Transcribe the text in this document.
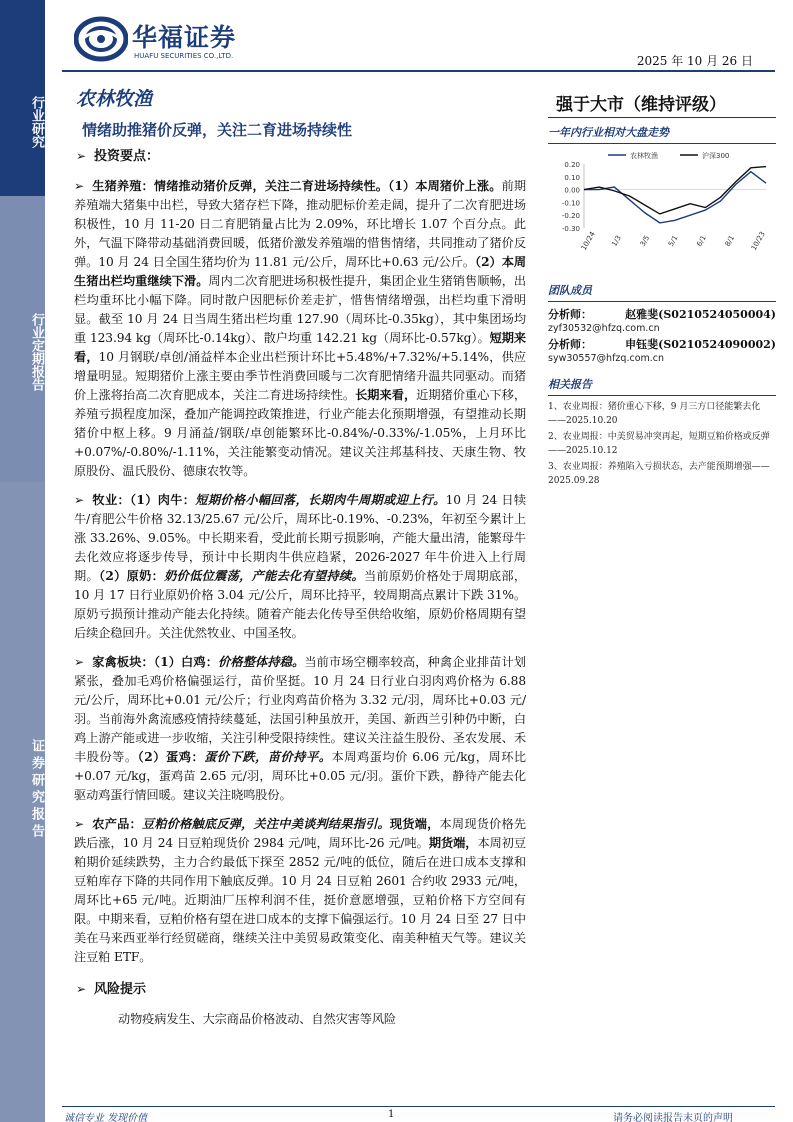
行业研究
行业定期报告
证券研究报告
华福证券
HUAFU SECURITIES CO.,LTD.	2025 年 10 月 26 日
农林牧渔
情绪助推猪价反弹，关注二育进场持续性
强于大市（维持评级）
➢ 投资要点：
➢ 生猪养殖：情绪推动猪价反弹，关注二育进场持续性。（1）本周猪价上涨。前期养殖端大猪集中出栏，导致大猪存栏下降，推动肥标价差走阔，提升了二次育肥进场积极性，10 月 11-20 日二育肥销量占比为 2.09%，环比增长 1.07 个百分点。此外，气温下降带动基础消费回暖，低猪价激发养殖端的惜售情绪，共同推动了猪价反弹。10 月 24 日全国生猪均价为 11.81 元/公斤，周环比+0.63 元/公斤。（2）本周生猪出栏均重继续下滑。周内二次育肥进场积极性提升，集团企业生猪销售顺畅，出栏均重环比小幅下降。同时散户因肥标价差走扩，惜售情绪增强，出栏均重下滑明显。截至 10 月 24 日当周生猪出栏均重 127.90（周环比-0.35kg），其中集团场均重 123.94 kg（周环比-0.14kg）、散户均重 142.21 kg（周环比-0.57kg）。短期来看，10 月钢联/卓创/涌益样本企业出栏预计环比+5.48%/+7.32%/+5.14%，供应增量明显。短期猪价上涨主要由季节性消费回暖与二次育肥情绪升温共同驱动。而猪价上涨将抬高二次育肥成本，关注二育进场持续性。长期来看，近期猪价重心下移，养殖亏损程度加深，叠加产能调控政策推进，行业产能去化预期增强，有望推动长期猪价中枢上移。9 月涌益/钢联/卓创能繁环比-0.84%/-0.33%/-1.05%，上月环比+0.07%/-0.80%/-1.11%，关注能繁变动情况。建议关注邦基科技、天康生物、牧原股份、温氏股份、德康农牧等。
➢ 牧业：（1）肉牛：短期价格小幅回落，长期肉牛周期或迎上行。10 月 24 日犊牛/育肥公牛价格 32.13/25.67 元/公斤，周环比-0.19%、-0.23%，年初至今累计上涨 33.26%、9.05%。中长期来看，受此前长期亏损影响，产能大量出清，能繁母牛去化效应将逐步传导，预计中长期肉牛供应趋紧，2026-2027 年牛价进入上行周期。（2）原奶：奶价低位震荡，产能去化有望持续。当前原奶价格处于周期底部，10 月 17 日行业原奶价格 3.04 元/公斤，周环比持平，较周期高点累计下跌 31%。原奶亏损预计推动产能去化持续。随着产能去化传导至供给收缩，原奶价格周期有望后续企稳回升。关注优然牧业、中国圣牧。
➢ 家禽板块：（1）白鸡：价格整体持稳。当前市场空棚率较高，种禽企业排苗计划紧张，叠加毛鸡价格偏强运行，苗价坚挺。10 月 24 日行业白羽肉鸡价格为 6.88 元/公斤，周环比+0.01 元/公斤；行业肉鸡苗价格为 3.32 元/羽，周环比+0.03 元/羽。当前海外禽流感疫情持续蔓延，法国引种虽放开，美国、新西兰引种仍中断，白鸡上游产能或进一步收缩，关注引种受限持续性。建议关注益生股份、圣农发展、禾丰股份等。（2）蛋鸡：蛋价下跌，苗价持平。本周鸡蛋均价 6.06 元/kg，周环比+0.07 元/kg，蛋鸡苗 2.65 元/羽，周环比+0.05 元/羽。蛋价下跌，静待产能去化驱动鸡蛋行情回暖。建议关注晓鸣股份。
➢ 农产品：豆粕价格触底反弹，关注中美谈判结果指引。现货端，本周现货价格先跌后涨，10 月 24 日豆粕现货价 2984 元/吨，周环比-26 元/吨。期货端，本周初豆粕期价延续跌势，主力合约最低下探至 2852 元/吨的低位，随后在进口成本支撑和豆粕库存下降的共同作用下触底反弹。10 月 24 日豆粕 2601 合约收 2933 元/吨，周环比+65 元/吨。近期油厂压榨利润不佳，挺价意愿增强，豆粕价格下方空间有限。中期来看，豆粕价格有望在进口成本的支撑下偏强运行。10 月 24 日至 27 日中美在马来西亚举行经贸磋商，继续关注中美贸易政策变化、南美种植天气等。建议关注豆粕 ETF。
➢ 风险提示
动物疫病发生、大宗商品价格波动、自然灾害等风险
一年内行业相对大盘走势
0.20
0.10
0.00
-0.10
-0.20
-0.30
10/24 1/3 3/5 5/1 6/1 8/1 10/23
农林牧渔	沪深300
团队成员
分析师：	赵雅斐(S0210524050004)
zyf30532@hfzq.com.cn
分析师：	申钰斐(S0210524090002)
syw30557@hfzq.com.cn
相关报告
1、农业周报：猪价重心下移，9 月三方口径能繁去化——2025.10.20
2、农业周报：中美贸易冲突再起，短期豆粕价格或反弹——2025.10.12
3、农业周报：养殖陷入亏损状态，去产能预期增强——2025.09.28
诚信专业 发现价值	1	请务必阅读报告末页的声明
